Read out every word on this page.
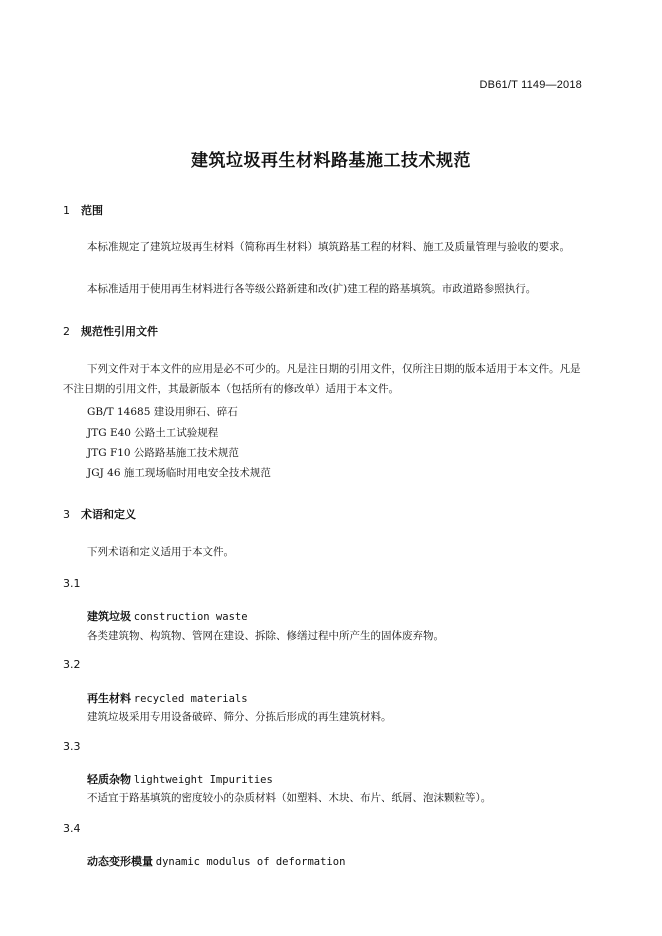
DB61/T 1149—2018
建筑垃圾再生材料路基施工技术规范
1 范围
本标准规定了建筑垃圾再生材料（简称再生材料）填筑路基工程的材料、施工及质量管理与验收的要求。
本标准适用于使用再生材料进行各等级公路新建和改(扩)建工程的路基填筑。市政道路参照执行。
2 规范性引用文件
下列文件对于本文件的应用是必不可少的。凡是注日期的引用文件，仅所注日期的版本适用于本文件。凡是不注日期的引用文件，其最新版本（包括所有的修改单）适用于本文件。
GB/T 14685 建设用卵石、碎石
JTG E40 公路土工试验规程
JTG F10 公路路基施工技术规范
JGJ 46 施工现场临时用电安全技术规范
3 术语和定义
下列术语和定义适用于本文件。
3.1
建筑垃圾 construction waste
各类建筑物、构筑物、管网在建设、拆除、修缮过程中所产生的固体废弃物。
3.2
再生材料 recycled materials
建筑垃圾采用专用设备破碎、筛分、分拣后形成的再生建筑材料。
3.3
轻质杂物 lightweight Impurities
不适宜于路基填筑的密度较小的杂质材料（如塑料、木块、布片、纸屑、泡沫颗粒等）。
3.4
动态变形模量 dynamic modulus of deformation
